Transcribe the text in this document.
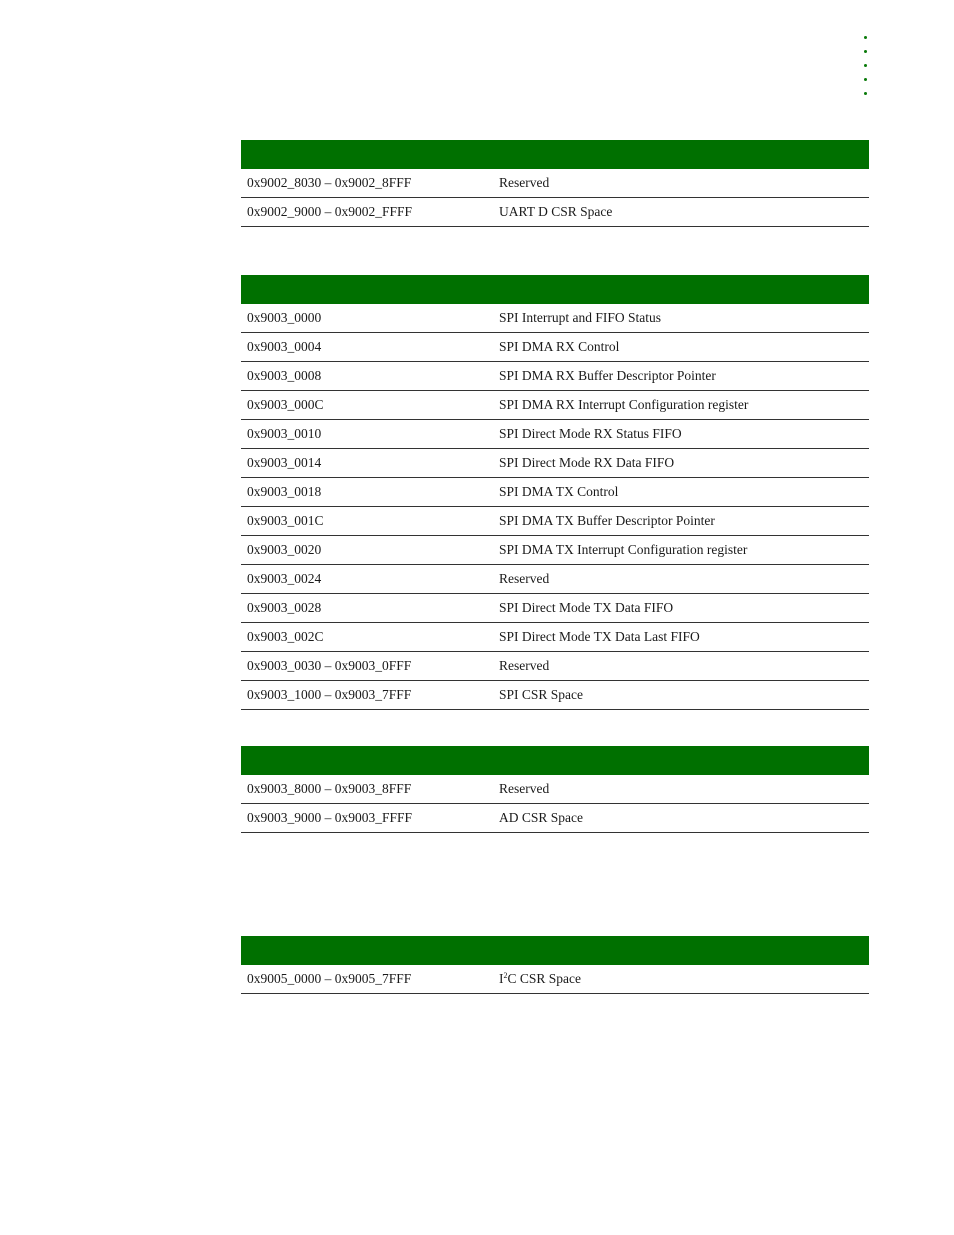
0x9002_8030 – 0x9002_8FFF	Reserved
0x9002_9000 – 0x9002_FFFF	UART D CSR Space
0x9003_0000	SPI Interrupt and FIFO Status
0x9003_0004	SPI DMA RX Control
0x9003_0008	SPI DMA RX Buffer Descriptor Pointer
0x9003_000C	SPI DMA RX Interrupt Configuration register
0x9003_0010	SPI Direct Mode RX Status FIFO
0x9003_0014	SPI Direct Mode RX Data FIFO
0x9003_0018	SPI DMA TX Control
0x9003_001C	SPI DMA TX Buffer Descriptor Pointer
0x9003_0020	SPI DMA TX Interrupt Configuration register
0x9003_0024	Reserved
0x9003_0028	SPI Direct Mode TX Data FIFO
0x9003_002C	SPI Direct Mode TX Data Last FIFO
0x9003_0030 – 0x9003_0FFF	Reserved
0x9003_1000 – 0x9003_7FFF	SPI CSR Space
0x9003_8000 – 0x9003_8FFF	Reserved
0x9003_9000 – 0x9003_FFFF	AD CSR Space
0x9005_0000 – 0x9005_7FFF	$I^2C$ CSR Space
